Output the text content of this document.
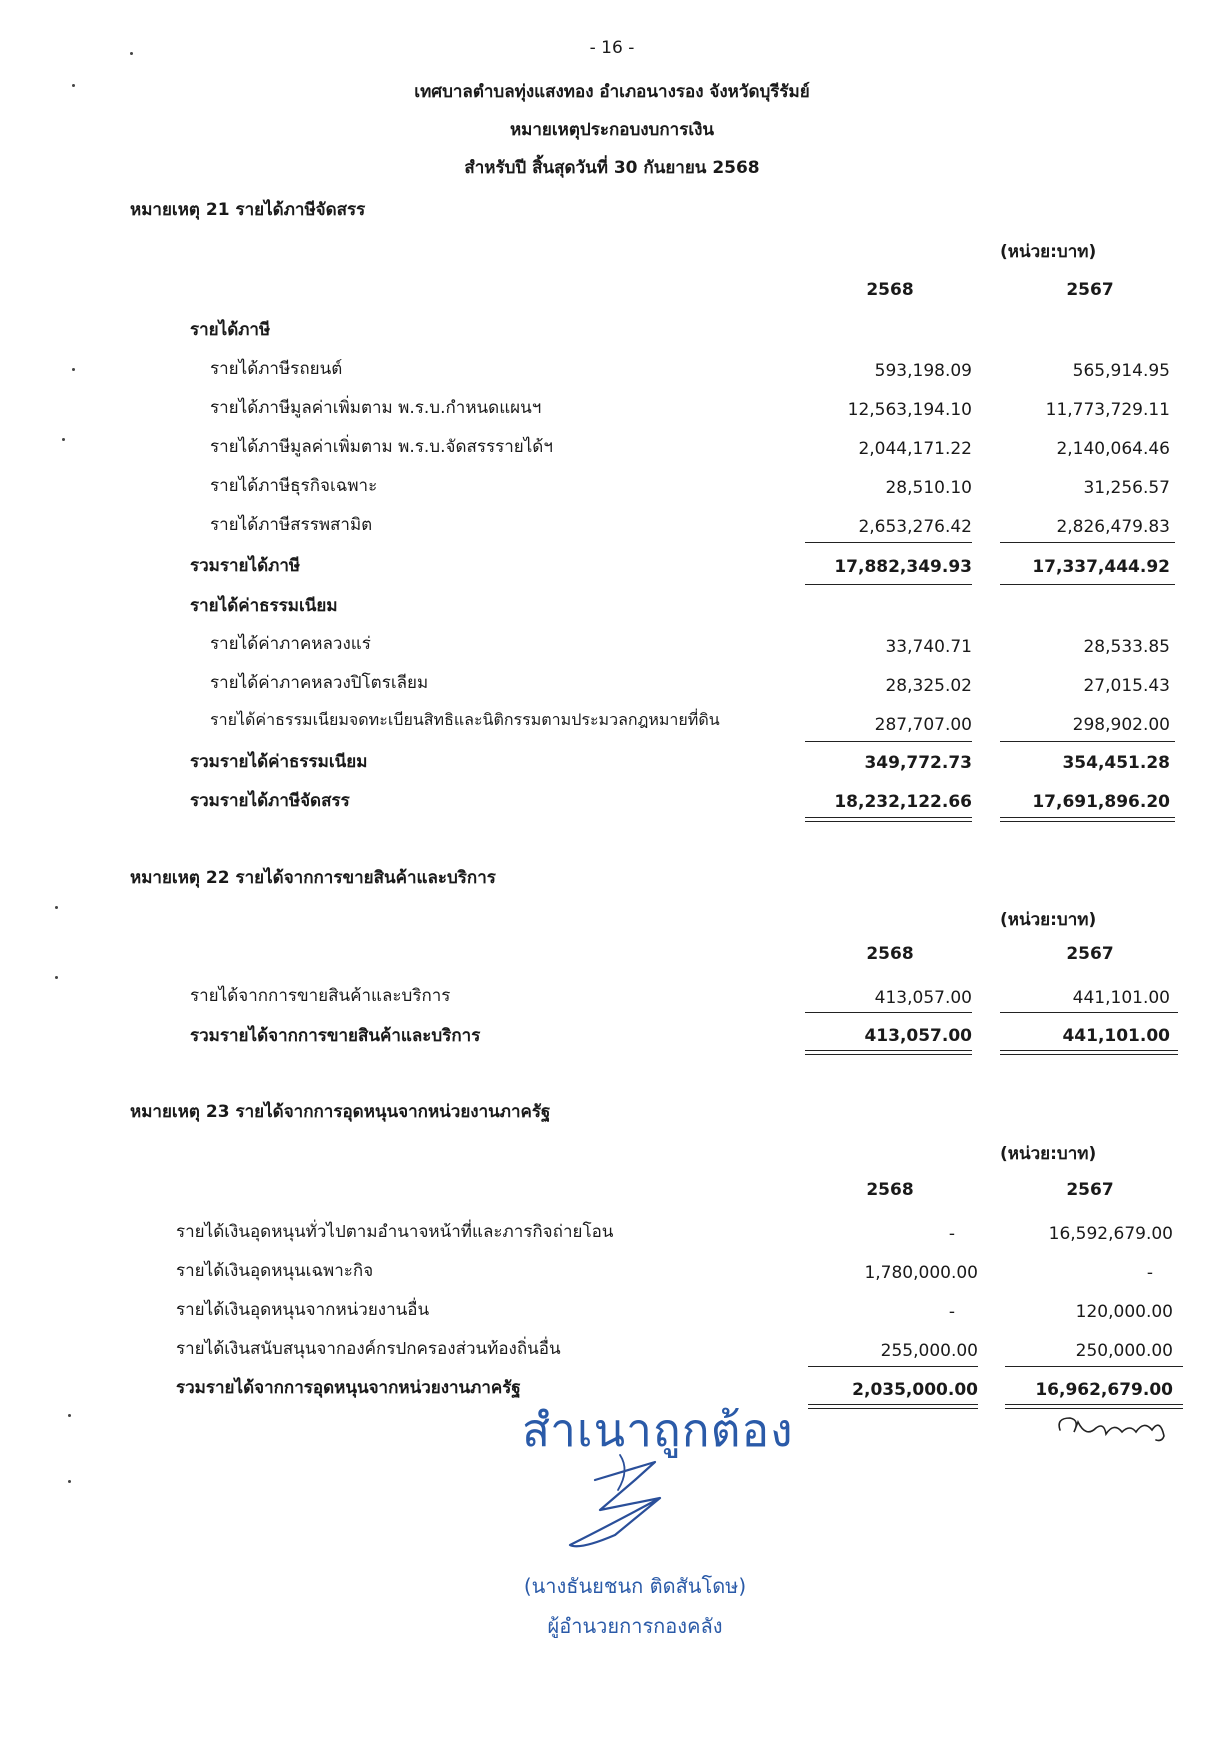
- 16 -
เทศบาลตำบลทุ่งแสงทอง อำเภอนางรอง จังหวัดบุรีรัมย์
หมายเหตุประกอบงบการเงิน
สำหรับปี สิ้นสุดวันที่ 30 กันยายน 2568
หมายเหตุ 21 รายได้ภาษีจัดสรร
(หน่วย:บาท)
2568	2567
รายได้ภาษี
รายได้ภาษีรถยนต์	593,198.09	565,914.95
รายได้ภาษีมูลค่าเพิ่มตาม พ.ร.บ.กำหนดแผนฯ	12,563,194.10	11,773,729.11
รายได้ภาษีมูลค่าเพิ่มตาม พ.ร.บ.จัดสรรรายได้ฯ	2,044,171.22	2,140,064.46
รายได้ภาษีธุรกิจเฉพาะ	28,510.10	31,256.57
รายได้ภาษีสรรพสามิต	2,653,276.42	2,826,479.83
รวมรายได้ภาษี	17,882,349.93	17,337,444.92
รายได้ค่าธรรมเนียม
รายได้ค่าภาคหลวงแร่	33,740.71	28,533.85
รายได้ค่าภาคหลวงปิโตรเลียม	28,325.02	27,015.43
รายได้ค่าธรรมเนียมจดทะเบียนสิทธิและนิติกรรมตามประมวลกฎหมายที่ดิน	287,707.00	298,902.00
รวมรายได้ค่าธรรมเนียม	349,772.73	354,451.28
รวมรายได้ภาษีจัดสรร	18,232,122.66	17,691,896.20
หมายเหตุ 22 รายได้จากการขายสินค้าและบริการ
(หน่วย:บาท)
2568	2567
รายได้จากการขายสินค้าและบริการ	413,057.00	441,101.00
รวมรายได้จากการขายสินค้าและบริการ	413,057.00	441,101.00
หมายเหตุ 23 รายได้จากการอุดหนุนจากหน่วยงานภาครัฐ
(หน่วย:บาท)
2568	2567
รายได้เงินอุดหนุนทั่วไปตามอำนาจหน้าที่และภารกิจถ่ายโอน	-	16,592,679.00
รายได้เงินอุดหนุนเฉพาะกิจ	1,780,000.00	-
รายได้เงินอุดหนุนจากหน่วยงานอื่น	-	120,000.00
รายได้เงินสนับสนุนจากองค์กรปกครองส่วนท้องถิ่นอื่น	255,000.00	250,000.00
รวมรายได้จากการอุดหนุนจากหน่วยงานภาครัฐ	2,035,000.00	16,962,679.00
สำเนาถูกต้อง
(นางธันยชนก ติดสันโดษ)
ผู้อำนวยการกองคลัง
